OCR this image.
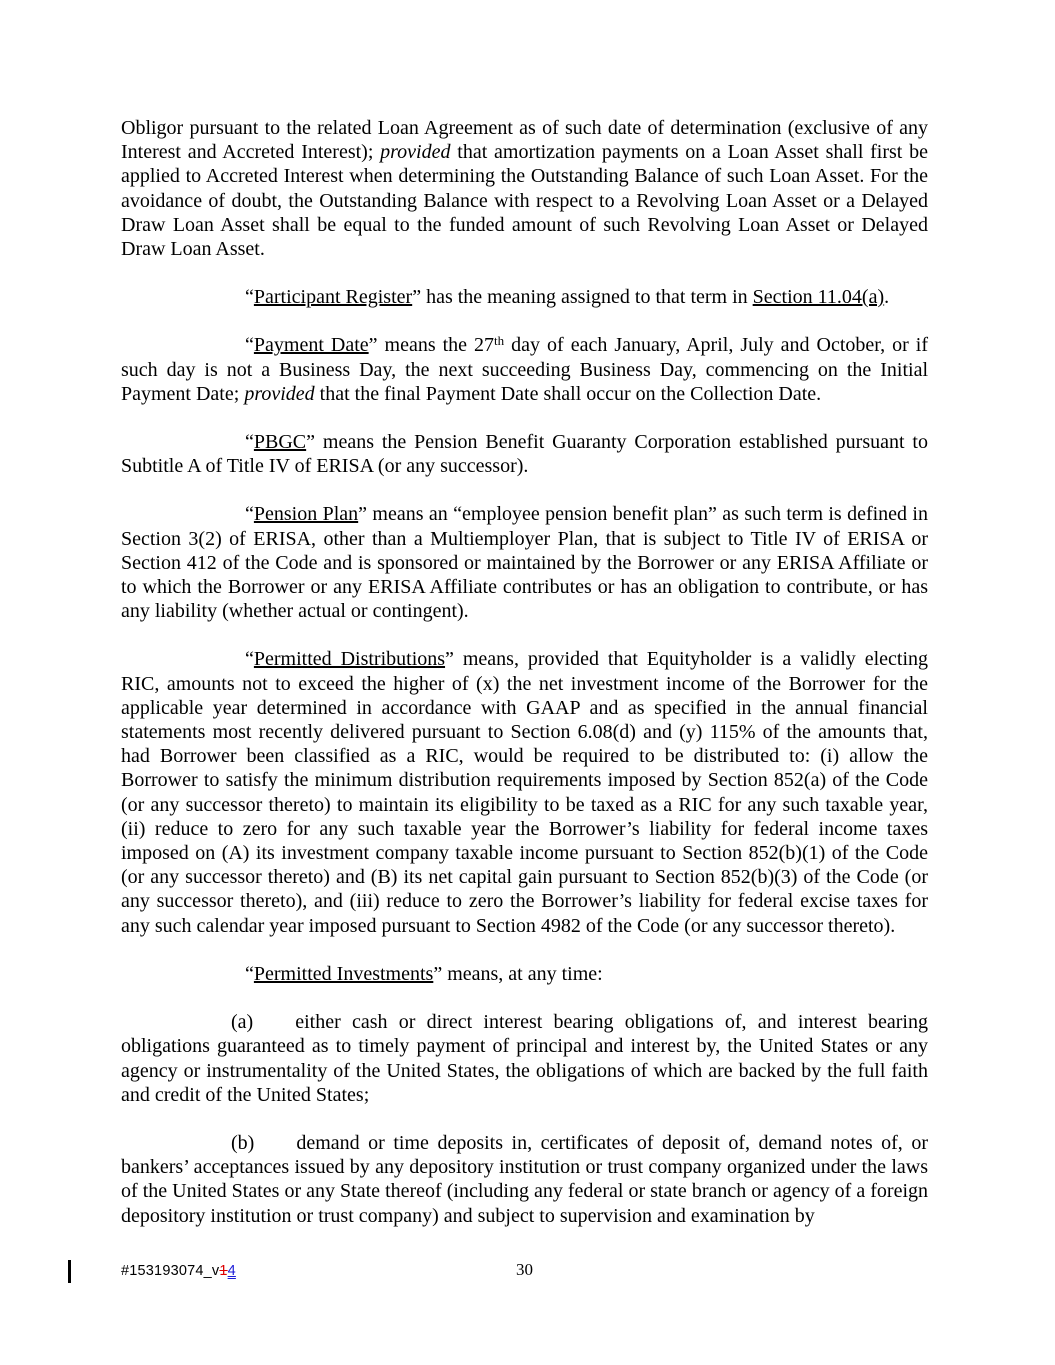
Obligor pursuant to the related Loan Agreement as of such date of determination (exclusive of any Interest and Accreted Interest); provided that amortization payments on a Loan Asset shall first be applied to Accreted Interest when determining the Outstanding Balance of such Loan Asset. For the avoidance of doubt, the Outstanding Balance with respect to a Revolving Loan Asset or a Delayed Draw Loan Asset shall be equal to the funded amount of such Revolving Loan Asset or Delayed Draw Loan Asset.

“Participant Register” has the meaning assigned to that term in Section 11.04(a).

“Payment Date” means the 27th day of each January, April, July and October, or if such day is not a Business Day, the next succeeding Business Day, commencing on the Initial Payment Date; provided that the final Payment Date shall occur on the Collection Date.

“PBGC” means the Pension Benefit Guaranty Corporation established pursuant to Subtitle A of Title IV of ERISA (or any successor).

“Pension Plan” means an “employee pension benefit plan” as such term is defined in Section 3(2) of ERISA, other than a Multiemployer Plan, that is subject to Title IV of ERISA or Section 412 of the Code and is sponsored or maintained by the Borrower or any ERISA Affiliate or to which the Borrower or any ERISA Affiliate contributes or has an obligation to contribute, or has any liability (whether actual or contingent).

“Permitted Distributions” means, provided that Equityholder is a validly electing RIC, amounts not to exceed the higher of (x) the net investment income of the Borrower for the applicable year determined in accordance with GAAP and as specified in the annual financial statements most recently delivered pursuant to Section 6.08(d) and (y) 115% of the amounts that, had Borrower been classified as a RIC, would be required to be distributed to: (i) allow the Borrower to satisfy the minimum distribution requirements imposed by Section 852(a) of the Code (or any successor thereto) to maintain its eligibility to be taxed as a RIC for any such taxable year, (ii) reduce to zero for any such taxable year the Borrower’s liability for federal income taxes imposed on (A) its investment company taxable income pursuant to Section 852(b)(1) of the Code (or any successor thereto) and (B) its net capital gain pursuant to Section 852(b)(3) of the Code (or any successor thereto), and (iii) reduce to zero the Borrower’s liability for federal excise taxes for any such calendar year imposed pursuant to Section 4982 of the Code (or any successor thereto).

“Permitted Investments” means, at any time:

(a) either cash or direct interest bearing obligations of, and interest bearing obligations guaranteed as to timely payment of principal and interest by, the United States or any agency or instrumentality of the United States, the obligations of which are backed by the full faith and credit of the United States;

(b) demand or time deposits in, certificates of deposit of, demand notes of, or bankers’ acceptances issued by any depository institution or trust company organized under the laws of the United States or any State thereof (including any federal or state branch or agency of a foreign depository institution or trust company) and subject to supervision and examination by

#153193074_v14	30
